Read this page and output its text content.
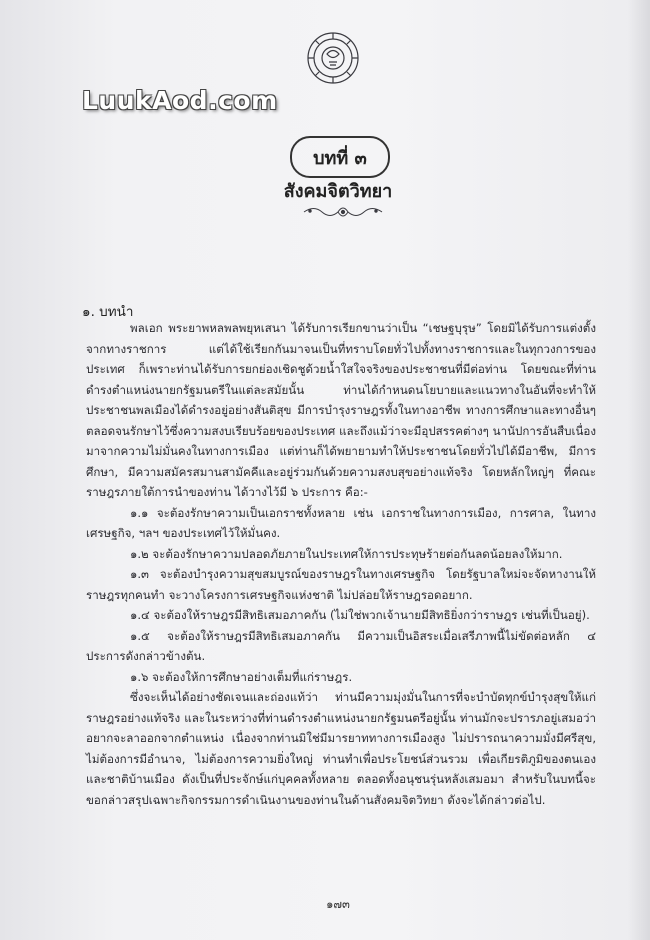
LuukAod.com
บทที่ ๓
สังคมจิตวิทยา
๑. บทนำ

พลเอก พระยาพหลพลพยุหเสนา ได้รับการเรียกขานว่าเป็น “เชษฐบุรุษ” โดยมิได้รับการแต่งตั้งจากทางราชการ แต่ได้ใช้เรียกกันมาจนเป็นที่ทราบโดยทั่วไปทั้งทางราชการและในทุกวงการของประเทศ ก็เพราะท่านได้รับการยกย่องเชิดชูด้วยน้ำใสใจจริงของประชาชนที่มีต่อท่าน โดยขณะที่ท่านดำรงตำแหน่งนายกรัฐมนตรีในแต่ละสมัยนั้น ท่านได้กำหนดนโยบายและแนวทางในอันที่จะทำให้ประชาชนพลเมืองได้ดำรงอยู่อย่างสันติสุข มีการบำรุงราษฎรทั้งในทางอาชีพ ทางการศึกษาและทางอื่นๆ ตลอดจนรักษาไว้ซึ่งความสงบเรียบร้อยของประเทศ และถึงแม้ว่าจะมีอุปสรรคต่างๆ นานัปการอันสืบเนื่องมาจากความไม่มั่นคงในทางการเมือง แต่ท่านก็ได้พยายามทำให้ประชาชนโดยทั่วไปได้มีอาชีพ, มีการศึกษา, มีความสมัครสมานสามัคคีและอยู่ร่วมกันด้วยความสงบสุขอย่างแท้จริง โดยหลักใหญ่ๆ ที่คณะราษฎรภายใต้การนำของท่าน ได้วางไว้มี ๖ ประการ คือ:-

๑.๑ จะต้องรักษาความเป็นเอกราชทั้งหลาย เช่น เอกราชในทางการเมือง, การศาล, ในทางเศรษฐกิจ, ฯลฯ ของประเทศไว้ให้มั่นคง.

๑.๒ จะต้องรักษาความปลอดภัยภายในประเทศให้การประทุษร้ายต่อกันลดน้อยลงให้มาก.

๑.๓ จะต้องบำรุงความสุขสมบูรณ์ของราษฎรในทางเศรษฐกิจ โดยรัฐบาลใหม่จะจัดหางานให้ราษฎรทุกคนทำ จะวางโครงการเศรษฐกิจแห่งชาติ ไม่ปล่อยให้ราษฎรอดอยาก.

๑.๔ จะต้องให้ราษฎรมีสิทธิเสมอภาคกัน (ไม่ใช่พวกเจ้านายมีสิทธิยิ่งกว่าราษฎร เช่นที่เป็นอยู่).

๑.๕ จะต้องให้ราษฎรมีสิทธิเสมอภาคกัน มีความเป็นอิสระเมื่อเสรีภาพนี้ไม่ขัดต่อหลัก ๔ ประการดังกล่าวข้างต้น.

๑.๖ จะต้องให้การศึกษาอย่างเต็มที่แก่ราษฎร.

ซึ่งจะเห็นได้อย่างชัดเจนและถ่องแท้ว่า ท่านมีความมุ่งมั่นในการที่จะบำบัดทุกข์บำรุงสุขให้แก่ราษฎรอย่างแท้จริง และในระหว่างที่ท่านดำรงตำแหน่งนายกรัฐมนตรีอยู่นั้น ท่านมักจะปรารภอยู่เสมอว่าอยากจะลาออกจากตำแหน่ง เนื่องจากท่านมิใช่มีมารยาททางการเมืองสูง ไม่ปรารถนาความมั่งมีศรีสุข, ไม่ต้องการมีอำนาจ, ไม่ต้องการความยิ่งใหญ่ ท่านทำเพื่อประโยชน์ส่วนรวม เพื่อเกียรติภูมิของตนเองและชาติบ้านเมือง ดังเป็นที่ประจักษ์แก่บุคคลทั้งหลาย ตลอดทั้งอนุชนรุ่นหลังเสมอมา สำหรับในบทนี้จะขอกล่าวสรุปเฉพาะกิจกรรมการดำเนินงานของท่านในด้านสังคมจิตวิทยา ดังจะได้กล่าวต่อไป.

๑๗๓
